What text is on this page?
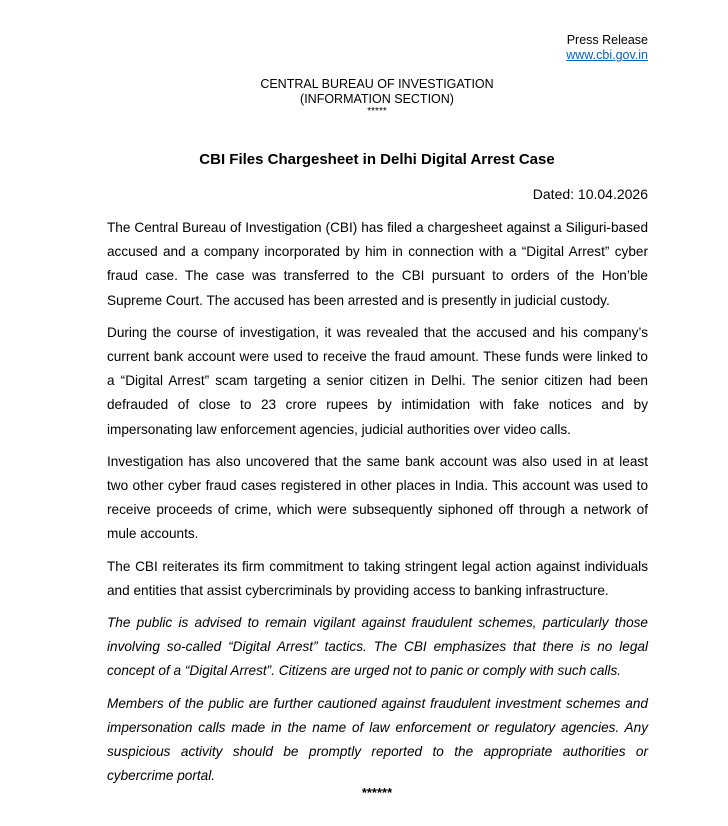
Press Release
www.cbi.gov.in
CENTRAL BUREAU OF INVESTIGATION
(INFORMATION SECTION)
*****
CBI Files Chargesheet in Delhi Digital Arrest Case
Dated: 10.04.2026

The Central Bureau of Investigation (CBI) has filed a chargesheet against a Siliguri-based accused and a company incorporated by him in connection with a “Digital Arrest” cyber fraud case. The case was transferred to the CBI pursuant to orders of the Hon’ble Supreme Court. The accused has been arrested and is presently in judicial custody.

During the course of investigation, it was revealed that the accused and his company’s current bank account were used to receive the fraud amount. These funds were linked to a “Digital Arrest” scam targeting a senior citizen in Delhi. The senior citizen had been defrauded of close to 23 crore rupees by intimidation with fake notices and by impersonating law enforcement agencies, judicial authorities over video calls.

Investigation has also uncovered that the same bank account was also used in at least two other cyber fraud cases registered in other places in India. This account was used to receive proceeds of crime, which were subsequently siphoned off through a network of mule accounts.

The CBI reiterates its firm commitment to taking stringent legal action against individuals and entities that assist cybercriminals by providing access to banking infrastructure.

The public is advised to remain vigilant against fraudulent schemes, particularly those involving so-called “Digital Arrest” tactics. The CBI emphasizes that there is no legal concept of a “Digital Arrest”. Citizens are urged not to panic or comply with such calls.

Members of the public are further cautioned against fraudulent investment schemes and impersonation calls made in the name of law enforcement or regulatory agencies. Any suspicious activity should be promptly reported to the appropriate authorities or cybercrime portal.

******
